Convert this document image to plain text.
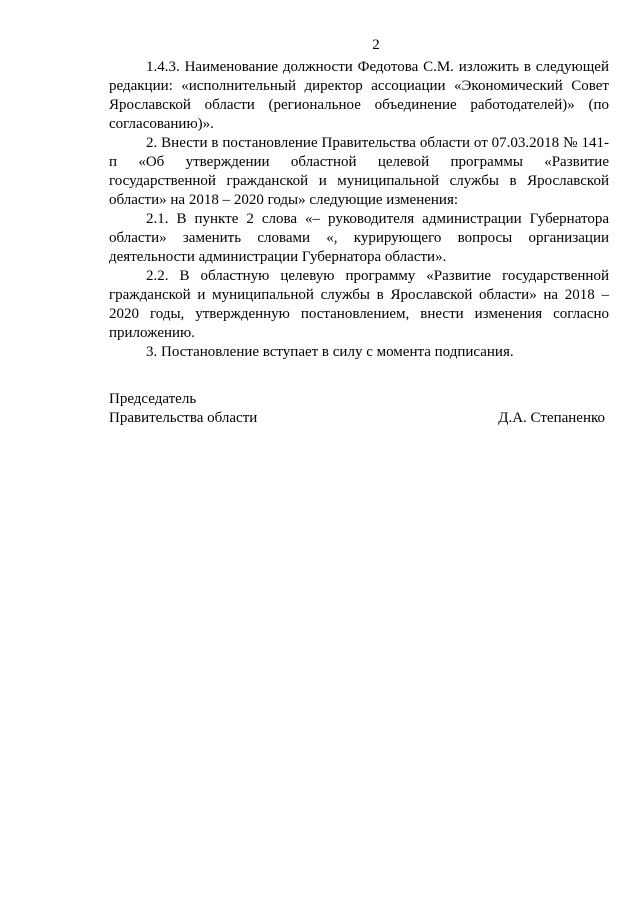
2

1.4.3. Наименование должности Федотова С.М. изложить в следующей редакции: «исполнительный директор ассоциации «Экономический Совет Ярославской области (региональное объединение работодателей)» (по согласованию)».

2. Внести в постановление Правительства области от 07.03.2018 № 141-п «Об утверждении областной целевой программы «Развитие государственной гражданской и муниципальной службы в Ярославской области» на 2018 – 2020 годы» следующие изменения:

2.1. В пункте 2 слова «– руководителя администрации Губернатора области» заменить словами «, курирующего вопросы организации деятельности администрации Губернатора области».

2.2. В областную целевую программу «Развитие государственной гражданской и муниципальной службы в Ярославской области» на 2018 – 2020 годы, утвержденную постановлением, внести изменения согласно приложению.

3. Постановление вступает в силу с момента подписания.

Председатель
Правительства области	Д.А. Степаненко
